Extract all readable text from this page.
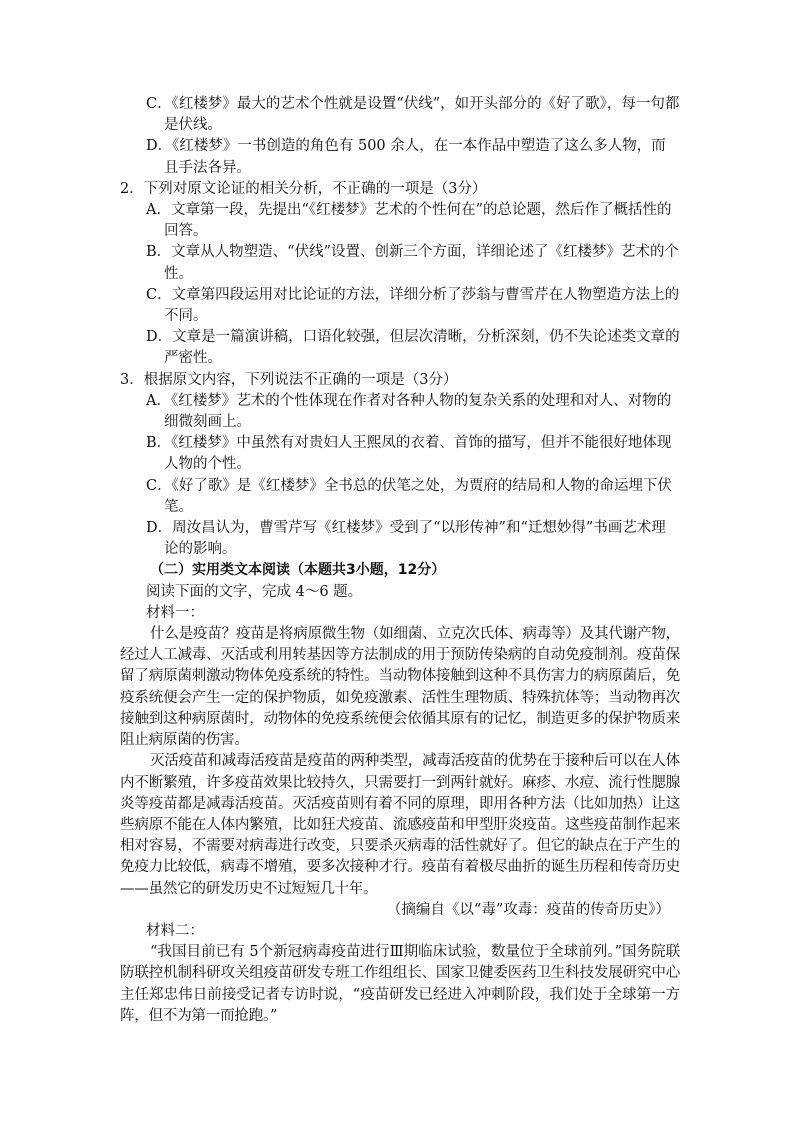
C．《红楼梦》最大的艺术个性就是设置“伏线”，如开头部分的《好了歌》，每一句都是伏线。

D．《红楼梦》一书创造的角色有 500 余人，在一本作品中塑造了这么多人物，而且手法各异。

2．下列对原文论证的相关分析，不正确的一项是（3分）

A．文章第一段，先提出“《红楼梦》艺术的个性何在”的总论题，然后作了概括性的回答。

B．文章从人物塑造、“伏线”设置、创新三个方面，详细论述了《红楼梦》艺术的个性。

C．文章第四段运用对比论证的方法，详细分析了莎翁与曹雪芹在人物塑造方法上的不同。

D．文章是一篇演讲稿，口语化较强，但层次清晰，分析深刻，仍不失论述类文章的严密性。

3．根据原文内容，下列说法不正确的一项是（3分）

A．《红楼梦》艺术的个性体现在作者对各种人物的复杂关系的处理和对人、对物的细微刻画上。

B．《红楼梦》中虽然有对贵妇人王熙凤的衣着、首饰的描写，但并不能很好地体现人物的个性。

C．《好了歌》是《红楼梦》全书总的伏笔之处，为贾府的结局和人物的命运埋下伏笔。

D．周汝昌认为，曹雪芹写《红楼梦》受到了“以形传神”和“迁想妙得”书画艺术理论的影响。

（二）实用类文本阅读（本题共3小题，12分）

阅读下面的文字，完成 4～6 题。

材料一：

什么是疫苗？疫苗是将病原微生物（如细菌、立克次氏体、病毒等）及其代谢产物，经过人工减毒、灭活或利用转基因等方法制成的用于预防传染病的自动免疫制剂。疫苗保留了病原菌刺激动物体免疫系统的特性。当动物体接触到这种不具伤害力的病原菌后，免疫系统便会产生一定的保护物质，如免疫激素、活性生理物质、特殊抗体等；当动物再次接触到这种病原菌时，动物体的免疫系统便会依循其原有的记忆，制造更多的保护物质来阻止病原菌的伤害。

灭活疫苗和减毒活疫苗是疫苗的两种类型，减毒活疫苗的优势在于接种后可以在人体内不断繁殖，许多疫苗效果比较持久，只需要打一到两针就好。麻疹、水痘、流行性腮腺炎等疫苗都是减毒活疫苗。灭活疫苗则有着不同的原理，即用各种方法（比如加热）让这些病原不能在人体内繁殖，比如狂犬疫苗、流感疫苗和甲型肝炎疫苗。这些疫苗制作起来相对容易，不需要对病毒进行改变，只要杀灭病毒的活性就好了。但它的缺点在于产生的免疫力比较低，病毒不增殖，要多次接种才行。疫苗有着极尽曲折的诞生历程和传奇历史——虽然它的研发历史不过短短几十年。

（摘编自《以“毒”攻毒：疫苗的传奇历史》）

材料二：

“我国目前已有 5个新冠病毒疫苗进行Ⅲ期临床试验，数量位于全球前列。”国务院联防联控机制科研攻关组疫苗研发专班工作组组长、国家卫健委医药卫生科技发展研究中心主任郑忠伟日前接受记者专访时说，“疫苗研发已经进入冲刺阶段，我们处于全球第一方阵，但不为第一而抢跑。”
